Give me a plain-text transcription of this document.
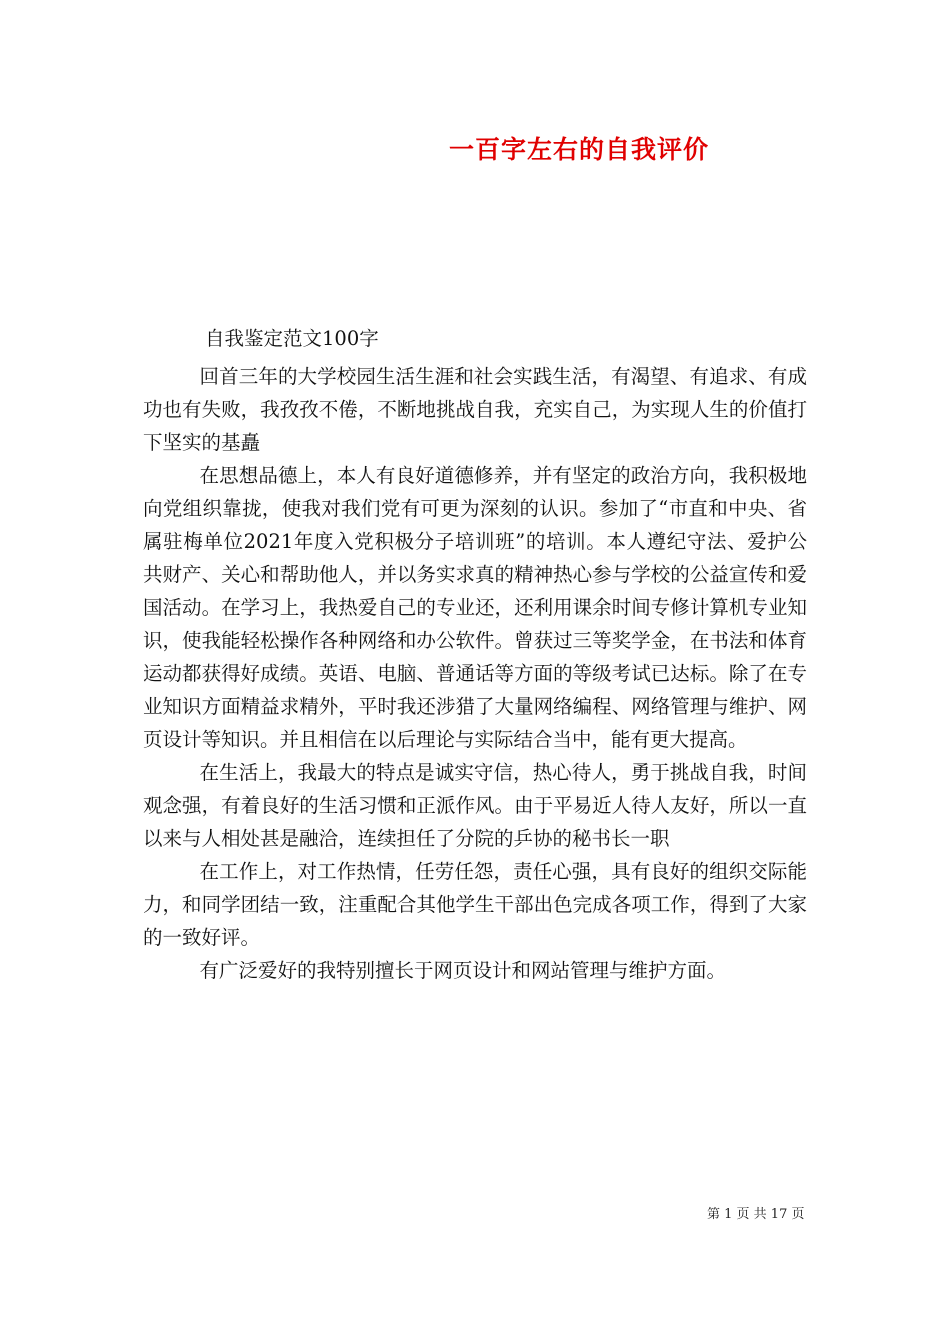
一百字左右的自我评价
自我鉴定范文100字

回首三年的大学校园生活生涯和社会实践生活，有渴望、有追求、有成功也有失败，我孜孜不倦，不断地挑战自我，充实自己，为实现人生的价值打下坚实的基矗

在思想品德上，本人有良好道德修养，并有坚定的政治方向，我积极地向党组织靠拢，使我对我们党有可更为深刻的认识。参加了“市直和中央、省属驻梅单位2021年度入党积极分子培训班”的培训。本人遵纪守法、爱护公共财产、关心和帮助他人，并以务实求真的精神热心参与学校的公益宣传和爱国活动。在学习上，我热爱自己的专业还，还利用课余时间专修计算机专业知识，使我能轻松操作各种网络和办公软件。曾获过三等奖学金，在书法和体育运动都获得好成绩。英语、电脑、普通话等方面的等级考试已达标。除了在专业知识方面精益求精外，平时我还涉猎了大量网络编程、网络管理与维护、网页设计等知识。并且相信在以后理论与实际结合当中，能有更大提高。

在生活上，我最大的特点是诚实守信，热心待人，勇于挑战自我，时间观念强，有着良好的生活习惯和正派作风。由于平易近人待人友好，所以一直以来与人相处甚是融洽，连续担任了分院的乒协的秘书长一职

在工作上，对工作热情，任劳任怨，责任心强，具有良好的组织交际能力，和同学团结一致，注重配合其他学生干部出色完成各项工作，得到了大家的一致好评。

有广泛爱好的我特别擅长于网页设计和网站管理与维护方面。

第 1 页 共 17 页
